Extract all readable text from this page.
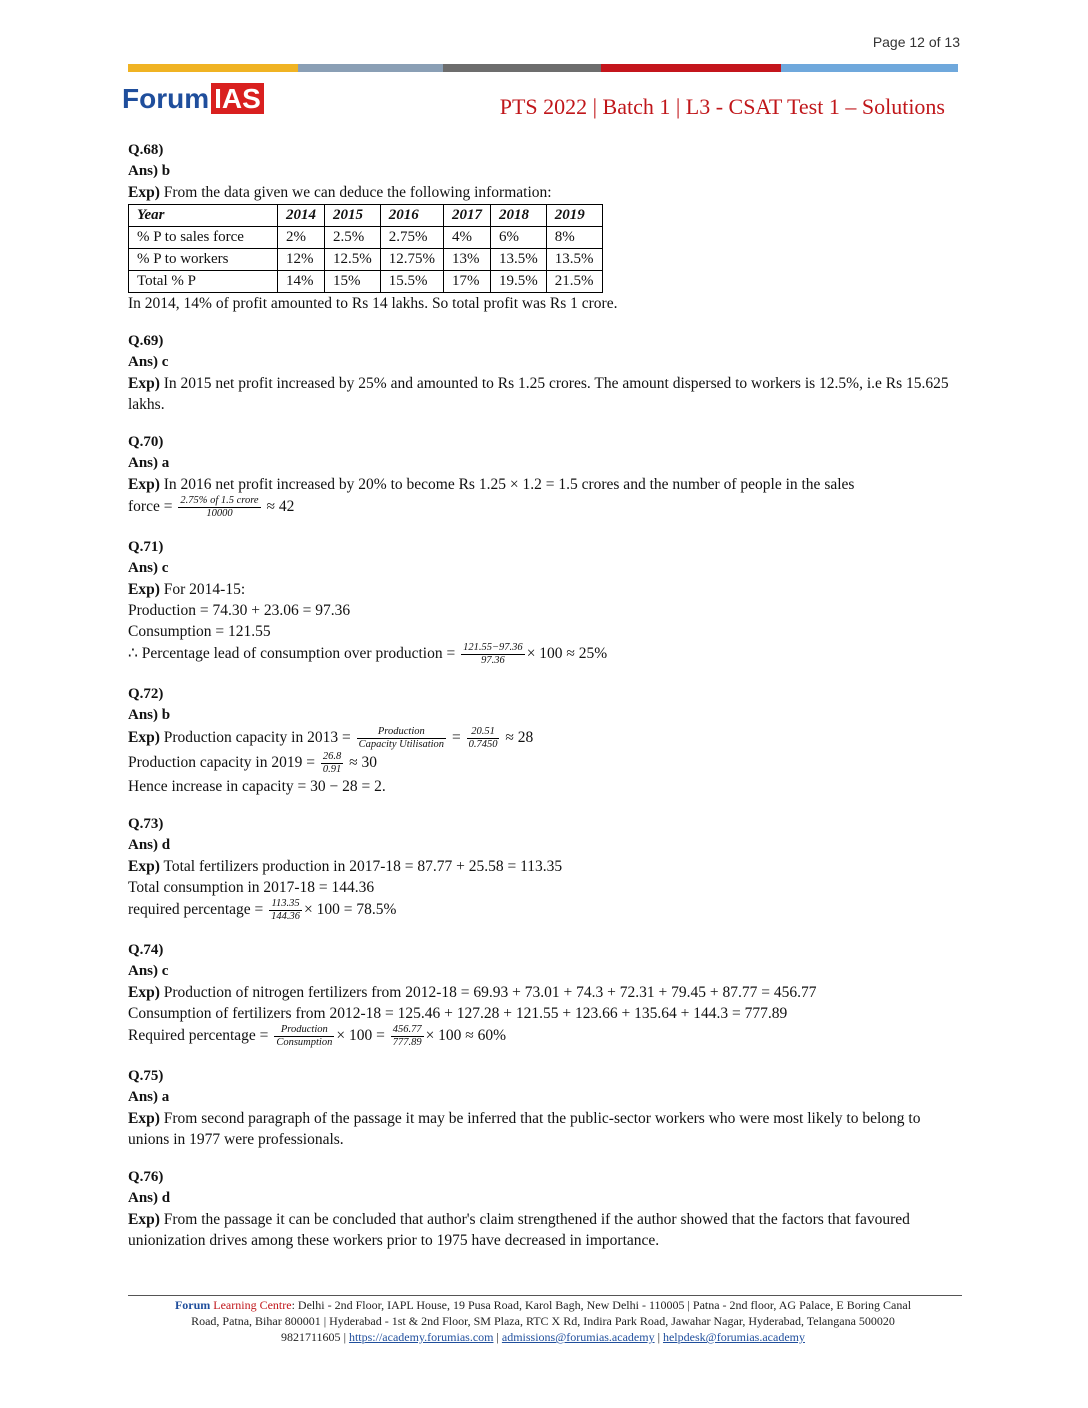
Page 12 of 13
Forum IAS	PTS 2022 | Batch 1 | L3 - CSAT Test 1 – Solutions

Q.68)

Ans) b

Exp) From the data given we can deduce the following information:

Year	2014	2015	2016	2017	2018	2019
% P to sales force	2%	2.5%	2.75%	4%	6%	8%
% P to workers	12%	12.5%	12.75%	13%	13.5%	13.5%
Total % P	14%	15%	15.5%	17%	19.5%	21.5%

In 2014, 14% of profit amounted to Rs 14 lakhs. So total profit was Rs 1 crore.

Q.69)

Ans) c

Exp) In 2015 net profit increased by 25% and amounted to Rs 1.25 crores. The amount dispersed to workers is 12.5%, i.e Rs 15.625 lakhs.

Q.70)

Ans) a

Exp) In 2016 net profit increased by 20% to become Rs 1.25 × 1.2 = 1.5 crores and the number of people in the sales

force = $\frac{\text{2.75\% of 1.5 crore}}{10000} \approx 42$

Q.71)

Ans) c

Exp) For 2014-15:

Production = 74.30 + 23.06 = 97.36

Consumption = 121.55

∴ Percentage lead of consumption over production = $\frac{121.55-97.36}{97.36} \times 100 \approx 25\%$

Q.72)

Ans) b

Exp) Production capacity in $2013 = \frac{\text{Production}}{\text{Capacity Utilisation}} = \frac{20.51}{0.7450} \approx 28$

Production capacity in $2019 = \frac{26.8}{0.91} \approx 30$

Hence increase in capacity = 30 − 28 = 2.

Q.73)

Ans) d

Exp) Total fertilizers production in 2017-18 = 87.77 + 25.58 = 113.35

Total consumption in 2017-18 = 144.36

required percentage = $\frac{113.35}{144.36} \times 100 = 78.5\%$

Q.74)

Ans) c

Exp) Production of nitrogen fertilizers from 2012-18 = 69.93 + 73.01 + 74.3 + 72.31 + 79.45 + 87.77 = 456.77

Consumption of fertilizers from 2012-18 = 125.46 + 127.28 + 121.55 + 123.66 + 135.64 + 144.3 = 777.89

Required percentage = $\frac{\text{Production}}{\text{Consumption}} \times 100 = \frac{456.77}{777.89} \times 100 \approx 60\%$

Q.75)

Ans) a

Exp) From second paragraph of the passage it may be inferred that the public-sector workers who were most likely to belong to unions in 1977 were professionals.

Q.76)

Ans) d

Exp) From the passage it can be concluded that author's claim strengthened if the author showed that the factors that favoured unionization drives among these workers prior to 1975 have decreased in importance.

Forum Learning Centre: Delhi - 2nd Floor, IAPL House, 19 Pusa Road, Karol Bagh, New Delhi - 110005 | Patna - 2nd floor, AG Palace, E Boring Canal
Road, Patna, Bihar 800001 | Hyderabad - 1st & 2nd Floor, SM Plaza, RTC X Rd, Indira Park Road, Jawahar Nagar, Hyderabad, Telangana 500020
9821711605 | https://academy.forumias.com | admissions@forumias.academy | helpdesk@forumias.academy
